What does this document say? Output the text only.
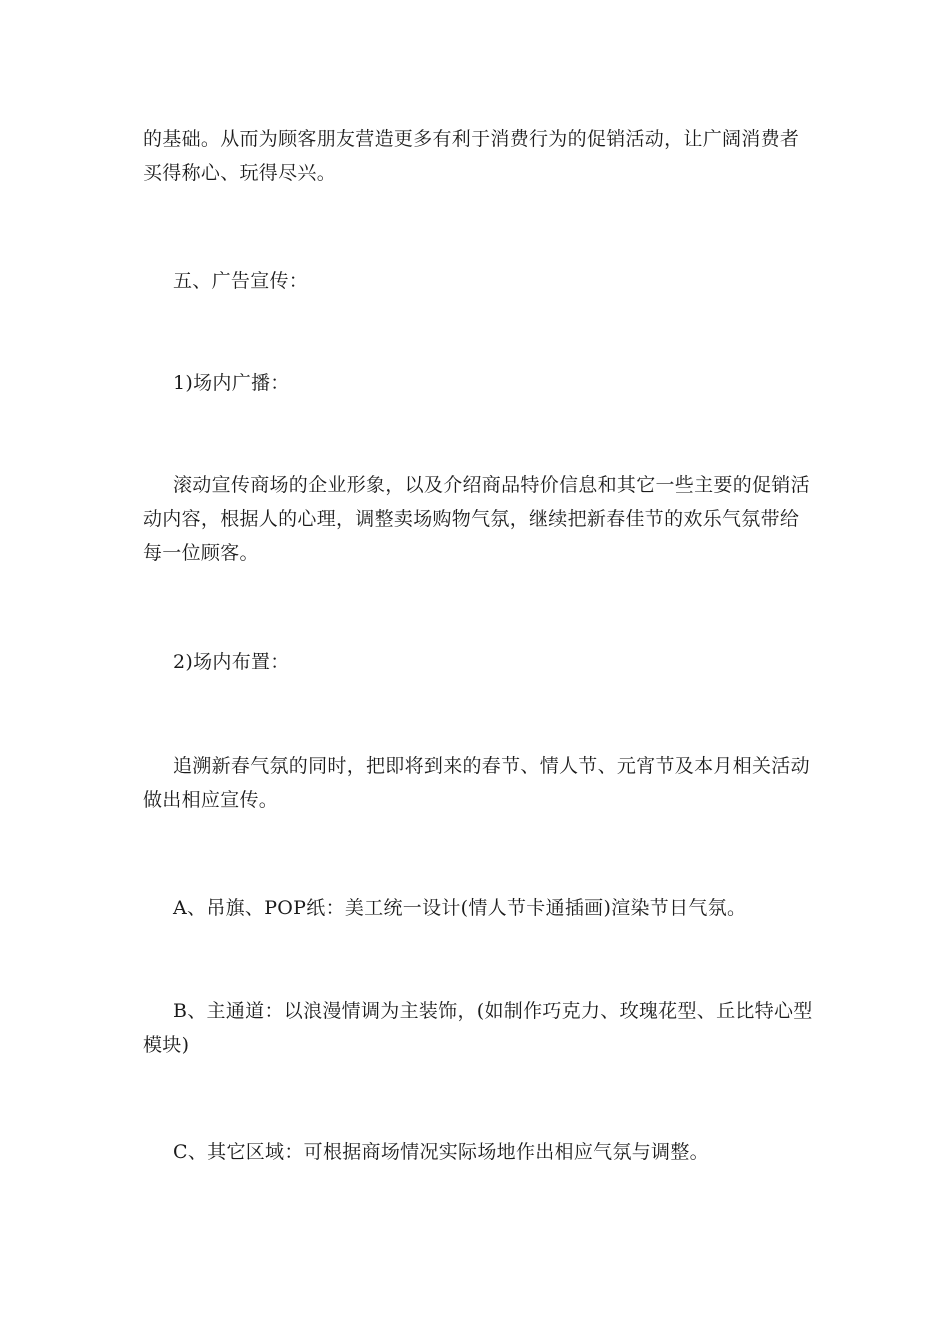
的基础。从而为顾客朋友营造更多有利于消费行为的促销活动，让广阔消费者
买得称心、玩得尽兴。

五、广告宣传：

1)场内广播：

滚动宣传商场的企业形象，以及介绍商品特价信息和其它一些主要的促销活
动内容，根据人的心理，调整卖场购物气氛，继续把新春佳节的欢乐气氛带给
每一位顾客。

2)场内布置：

追溯新春气氛的同时，把即将到来的春节、情人节、元宵节及本月相关活动
做出相应宣传。

A、吊旗、POP纸：美工统一设计(情人节卡通插画)渲染节日气氛。

B、主通道：以浪漫情调为主装饰，(如制作巧克力、玫瑰花型、丘比特心型
模块)

C、其它区域：可根据商场情况实际场地作出相应气氛与调整。
